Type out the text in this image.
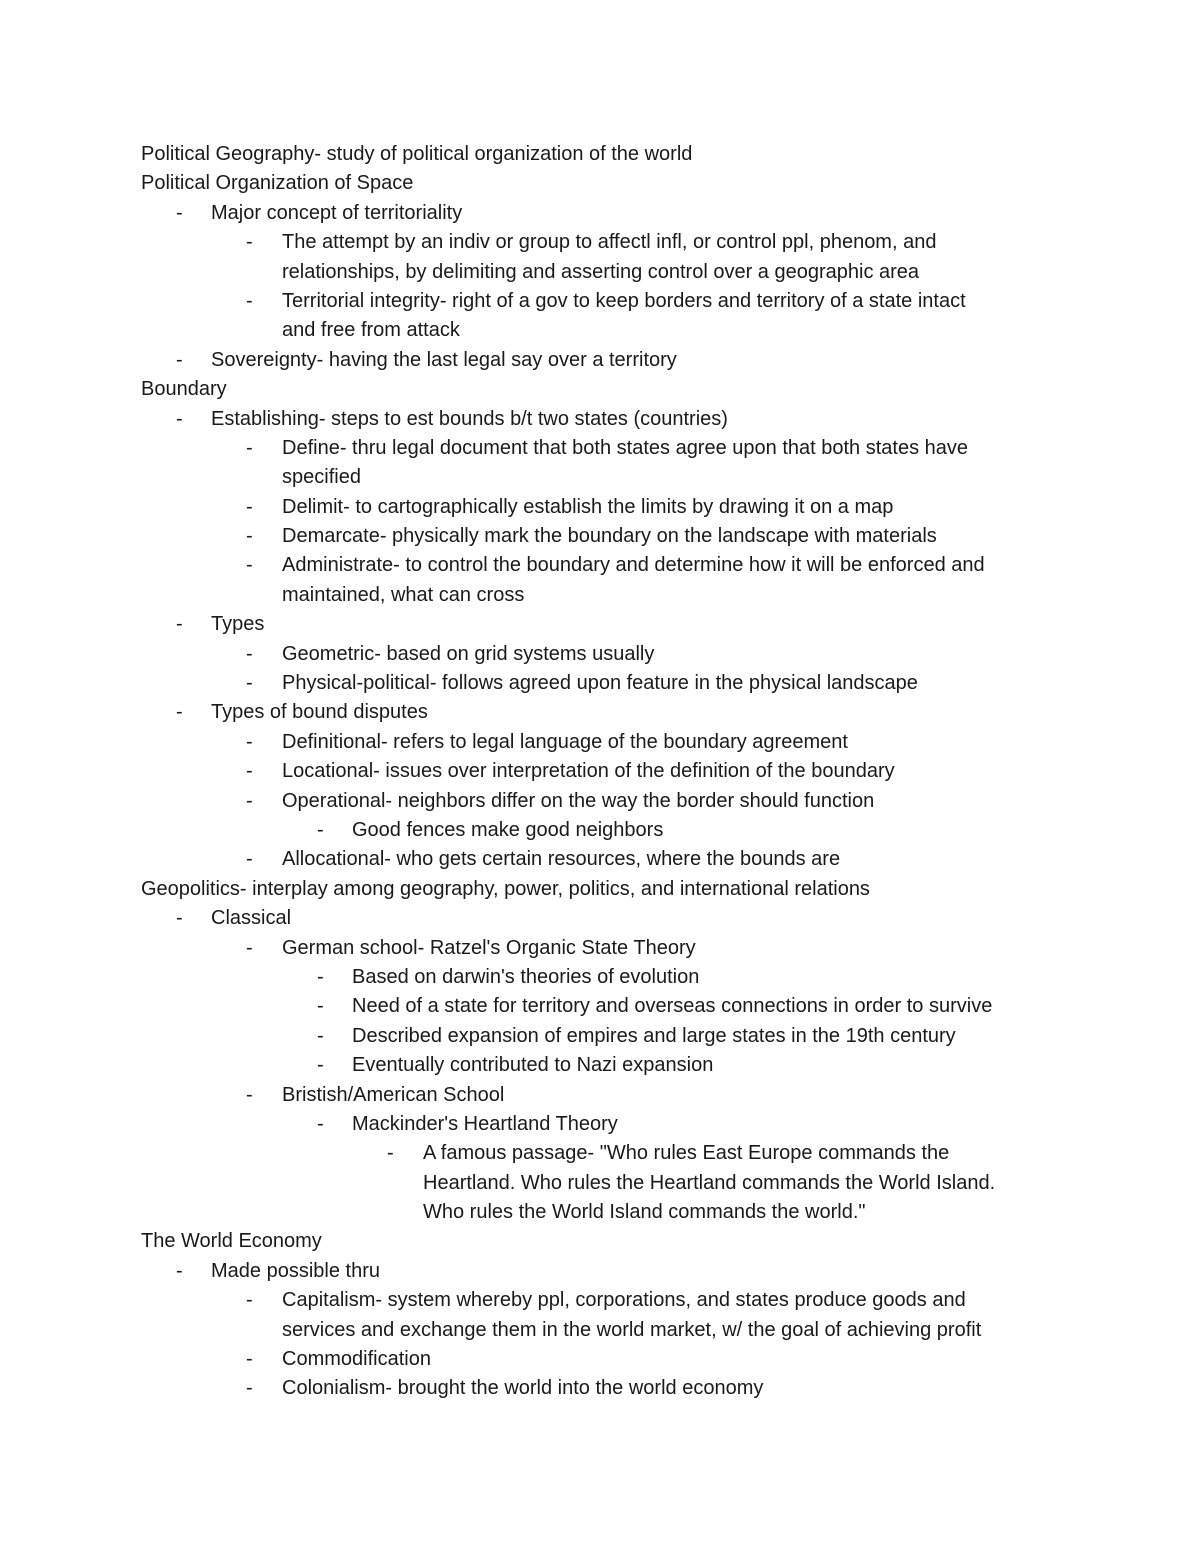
Political Geography- study of political organization of the world
Political Organization of Space
- Major concept of territoriality
- The attempt by an indiv or group to affectl infl, or control ppl, phenom, and
relationships, by delimiting and asserting control over a geographic area
- Territorial integrity- right of a gov to keep borders and territory of a state intact
and free from attack
- Sovereignty- having the last legal say over a territory
Boundary
- Establishing- steps to est bounds b/t two states (countries)
- Define- thru legal document that both states agree upon that both states have
specified
- Delimit- to cartographically establish the limits by drawing it on a map
- Demarcate- physically mark the boundary on the landscape with materials
- Administrate- to control the boundary and determine how it will be enforced and
maintained, what can cross
- Types
- Geometric- based on grid systems usually
- Physical-political- follows agreed upon feature in the physical landscape
- Types of bound disputes
- Definitional- refers to legal language of the boundary agreement
- Locational- issues over interpretation of the definition of the boundary
- Operational- neighbors differ on the way the border should function
- Good fences make good neighbors
- Allocational- who gets certain resources, where the bounds are
Geopolitics- interplay among geography, power, politics, and international relations
- Classical
- German school- Ratzel's Organic State Theory
- Based on darwin's theories of evolution
- Need of a state for territory and overseas connections in order to survive
- Described expansion of empires and large states in the 19th century
- Eventually contributed to Nazi expansion
- Bristish/American School
- Mackinder's Heartland Theory
- A famous passage- "Who rules East Europe commands the
Heartland. Who rules the Heartland commands the World Island.
Who rules the World Island commands the world."
The World Economy
- Made possible thru
- Capitalism- system whereby ppl, corporations, and states produce goods and
services and exchange them in the world market, w/ the goal of achieving profit
- Commodification
- Colonialism- brought the world into the world economy
